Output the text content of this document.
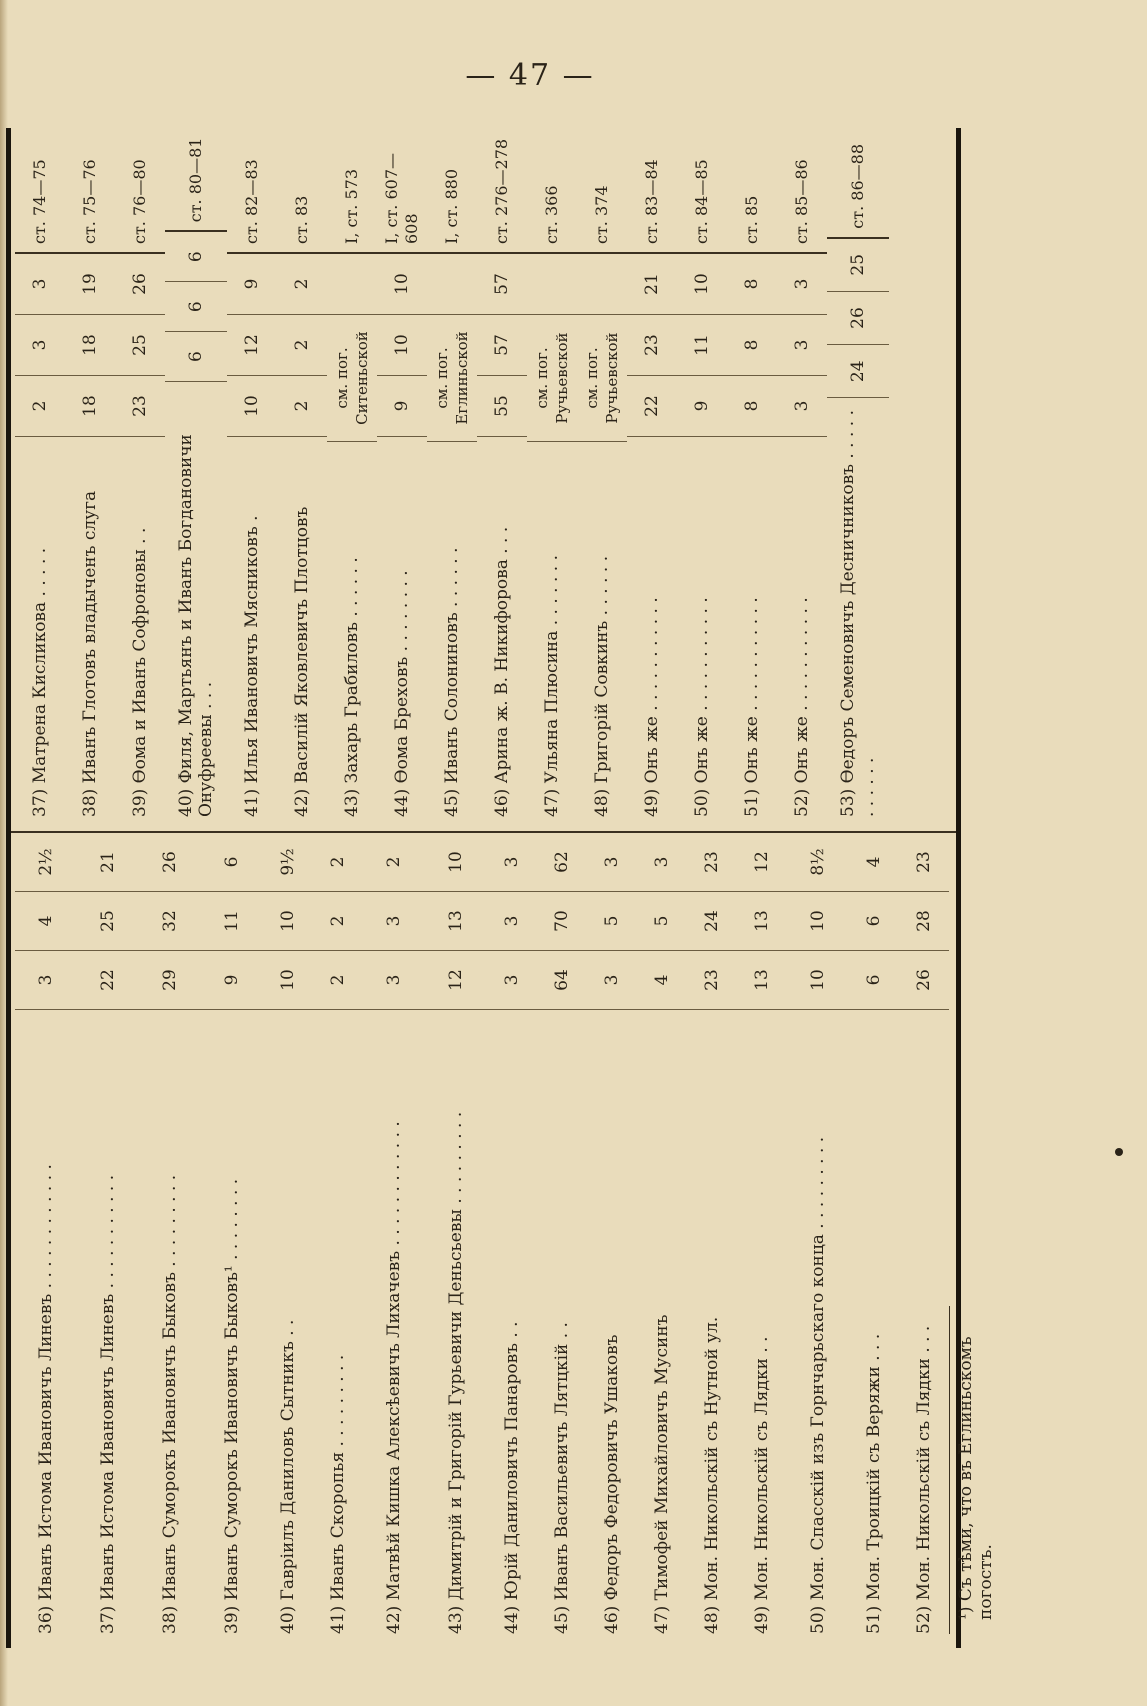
— 47 —
36) Иванъ Истома Ивановичъ Линевъ . . . . . . . . . . . .
3
4
2½
37) Иванъ Истома Ивановичъ Линевъ . . . . . . . . . . .
22
25
21
38) Иванъ Суморокъ Ивановичъ Быковъ . . . . . . . . .
29
32
26
39) Иванъ Суморокъ Ивановичъ Быковъ¹ . . . . . . . .
9
11
6
40) Гавріилъ Даниловъ Сытникъ . .
10
10
9½
41) Иванъ Скоропья . . . . . . . . .
2
2
2
42) Матвѣй Кишка Алексѣевичъ Лихачевъ . . . . . . . . . . . .
3
3
2
43) Димитрій и Григорій Гурьевичи Деньсьевы . . . . . . . . .
12
13
10
44) Юрій Даниловичъ Панаровъ . .
3
3
3
45) Иванъ Васильевичъ Лятцкій . .
64
70
62
46) Федоръ Федоровичъ Ушаковъ
3
5
3
47) Тимофей Михайловичъ Мусинъ
4
5
3
48) Мон. Никольскій съ Нутной ул.
23
24
23
49) Мон. Никольскій съ Лядки . .
13
13
12
50) Мон. Спасскій изъ Горнчарьскаго конца . . . . . . . . .
10
10
8½
51) Мон. Троицкій съ Веряжи . . .
6
6
4
52) Мон. Никольскій съ Лядки . . .
26
28
23
¹) Съ тѣми, что въ Еглиньскомъ погостъ.
37) Матрена Кисликова . . . . .
2
3
3
ст. 74—75
38) Иванъ Глотовъ владыченъ слуга
18
18
19
ст. 75—76
39) Ѳома и Иванъ Софроновы . .
23
25
26
ст. 76—80
40) Филя, Мартьянъ и Иванъ Богдановичи Онуфреевы . . .
6
6
6
ст. 80—81
41) Илья Ивановичъ Мясниковъ .
10
12
9
ст. 82—83
42) Василій Яковлевичъ Плотцовъ
2
2
2
ст. 83
43) Захарь Грабиловъ . . . . . .
см. пог. Ситеньской
I, ст. 573
44) Ѳома Бреховъ . . . . . . . .
9
10
10
I, ст. 607—608
45) Иванъ Солониновъ . . . . . .
см. пог. Еглиньской
I, ст. 880
46) Арина ж. В. Никифорова . . .
55
57
57
ст. 276—278
47) Ульяна Плюсина . . . . . . .
см. пог. Ручьевской
ст. 366
48) Григорій Совкинъ . . . . . .
см. пог. Ручьевской
ст. 374
49) Онъ же . . . . . . . . . . .
22
23
21
ст. 83—84
50) Онъ же . . . . . . . . . . .
9
11
10
ст. 84—85
51) Онъ же . . . . . . . . . . .
8
8
8
ст. 85
52) Онъ же . . . . . . . . . . .
3
3
3
ст. 85—86
53) Ѳедоръ Семеновичъ Десничниковъ . . . . . . . . . . .
24
26
25
ст. 86—88
